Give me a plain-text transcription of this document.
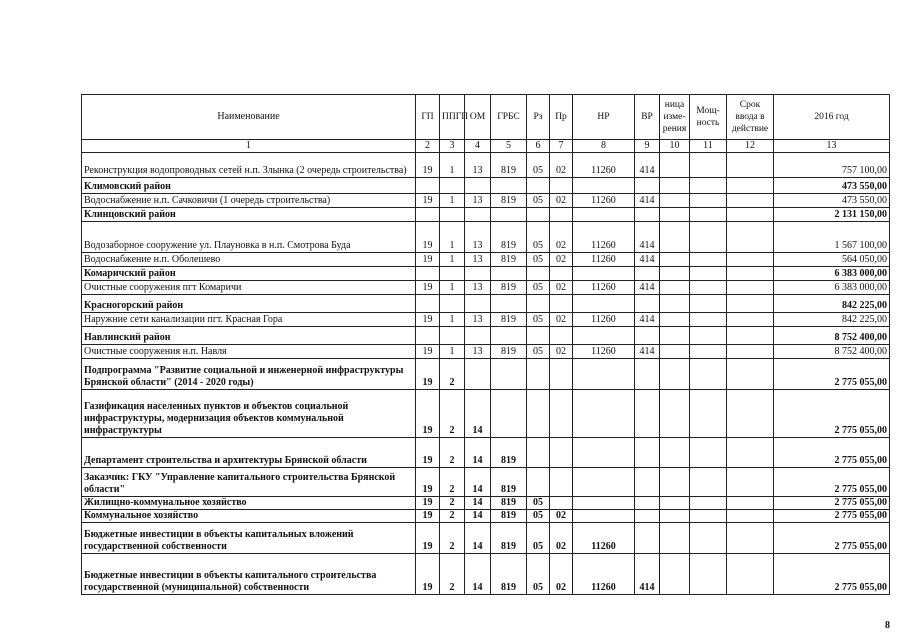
Наименование	ГП	ППГП	ОМ	ГРБС	Рз	Пр	НР	ВР	ница изме-рения	Мощ-ность	Срок ввода в действие	2016 год
1	2	3	4	5	6	7	8	9	10	11	12	13
Реконструкция водопроводных сетей н.п. Злынка (2 очередь строительства)	19	1	13	819	05	02	11260	414				757 100,00
Климовский район												473 550,00
Водоснабжение н.п. Сачковичи (1 очередь строительства)	19	1	13	819	05	02	11260	414				473 550,00
Клинцовский район												2 131 150,00
Водозаборное сооружение ул. Плауновка в н.п. Смотрова Буда	19	1	13	819	05	02	11260	414				1 567 100,00
Водоснабжение н.п. Оболешево	19	1	13	819	05	02	11260	414				564 050,00
Комаричский район												6 383 000,00
Очистные сооружения пгт Комаричи	19	1	13	819	05	02	11260	414				6 383 000,00
Красногорский район												842 225,00
Наружние сети канализации пгт. Красная Гора	19	1	13	819	05	02	11260	414				842 225,00
Навлинский район												8 752 400,00
Очистные сооружения н.п. Навля	19	1	13	819	05	02	11260	414				8 752 400,00
Подпрограмма "Развитие социальной и инженерной инфраструктуры Брянской области" (2014 - 2020 годы)	19	2										2 775 055,00
Газификация населенных пунктов и объектов социальной инфраструктуры, модернизация объектов коммунальной инфраструктуры	19	2	14									2 775 055,00
Департамент строительства и архитектуры Брянской области	19	2	14	819								2 775 055,00
Заказчик: ГКУ "Управление капитального строительства Брянской области"	19	2	14	819								2 775 055,00
Жилищно-коммунальное хозяйство	19	2	14	819	05							2 775 055,00
Коммунальное хозяйство	19	2	14	819	05	02						2 775 055,00
Бюджетные инвестиции в объекты капитальных вложений государственной собственности	19	2	14	819	05	02	11260					2 775 055,00
Бюджетные инвестиции в объекты капитального строительства государственной (муниципальной) собственности	19	2	14	819	05	02	11260	414				2 775 055,00
8
